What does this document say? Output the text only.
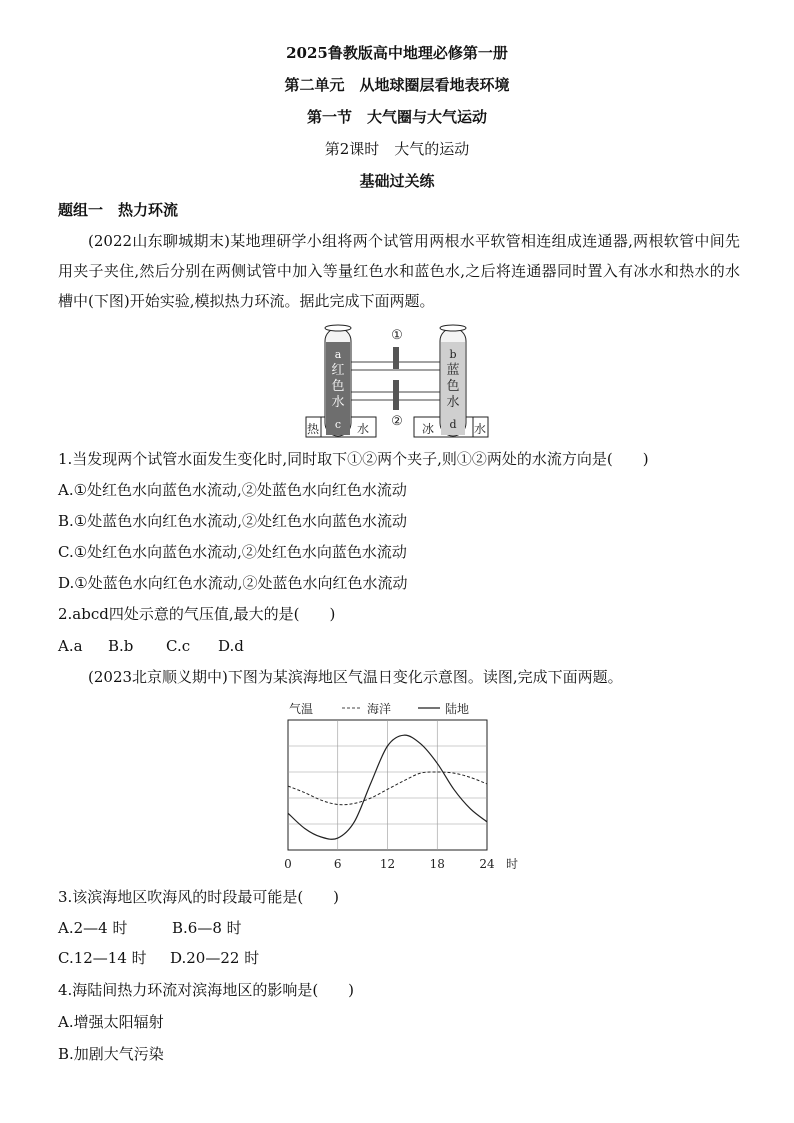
2025鲁教版高中地理必修第一册
第二单元　从地球圈层看地表环境
第一节　大气圈与大气运动
第2课时　大气的运动
基础过关练
题组一　热力环流
(2022山东聊城期末)某地理研学小组将两个试管用两根水平软管相连组成连通器,两根软管中间先用夹子夹住,然后分别在两侧试管中加入等量红色水和蓝色水,之后将连通器同时置入有冰水和热水的水槽中(下图)开始实验,模拟热力环流。据此完成下面两题。
a
红
色
水
c
b
蓝
色
水
d
①
②
热	水	冰	水
1.当发现两个试管水面发生变化时,同时取下①②两个夹子,则①②两处的水流方向是(　　)
A.①处红色水向蓝色水流动,②处蓝色水向红色水流动
B.①处蓝色水向红色水流动,②处红色水向蓝色水流动
C.①处红色水向蓝色水流动,②处红色水向蓝色水流动
D.①处蓝色水向红色水流动,②处蓝色水向红色水流动
2.abcd四处示意的气压值,最大的是(　　)
A.a B.b C.c D.d
(2023北京顺义期中)下图为某滨海地区气温日变化示意图。读图,完成下面两题。
气温	海洋	陆地
0	6	12	18	24 时
3.该滨海地区吹海风的时段最可能是(　　)
A.2—4 时	B.6—8 时
C.12—14 时 D.20—22 时
4.海陆间热力环流对滨海地区的影响是(　　)
A.增强太阳辐射
B.加剧大气污染
